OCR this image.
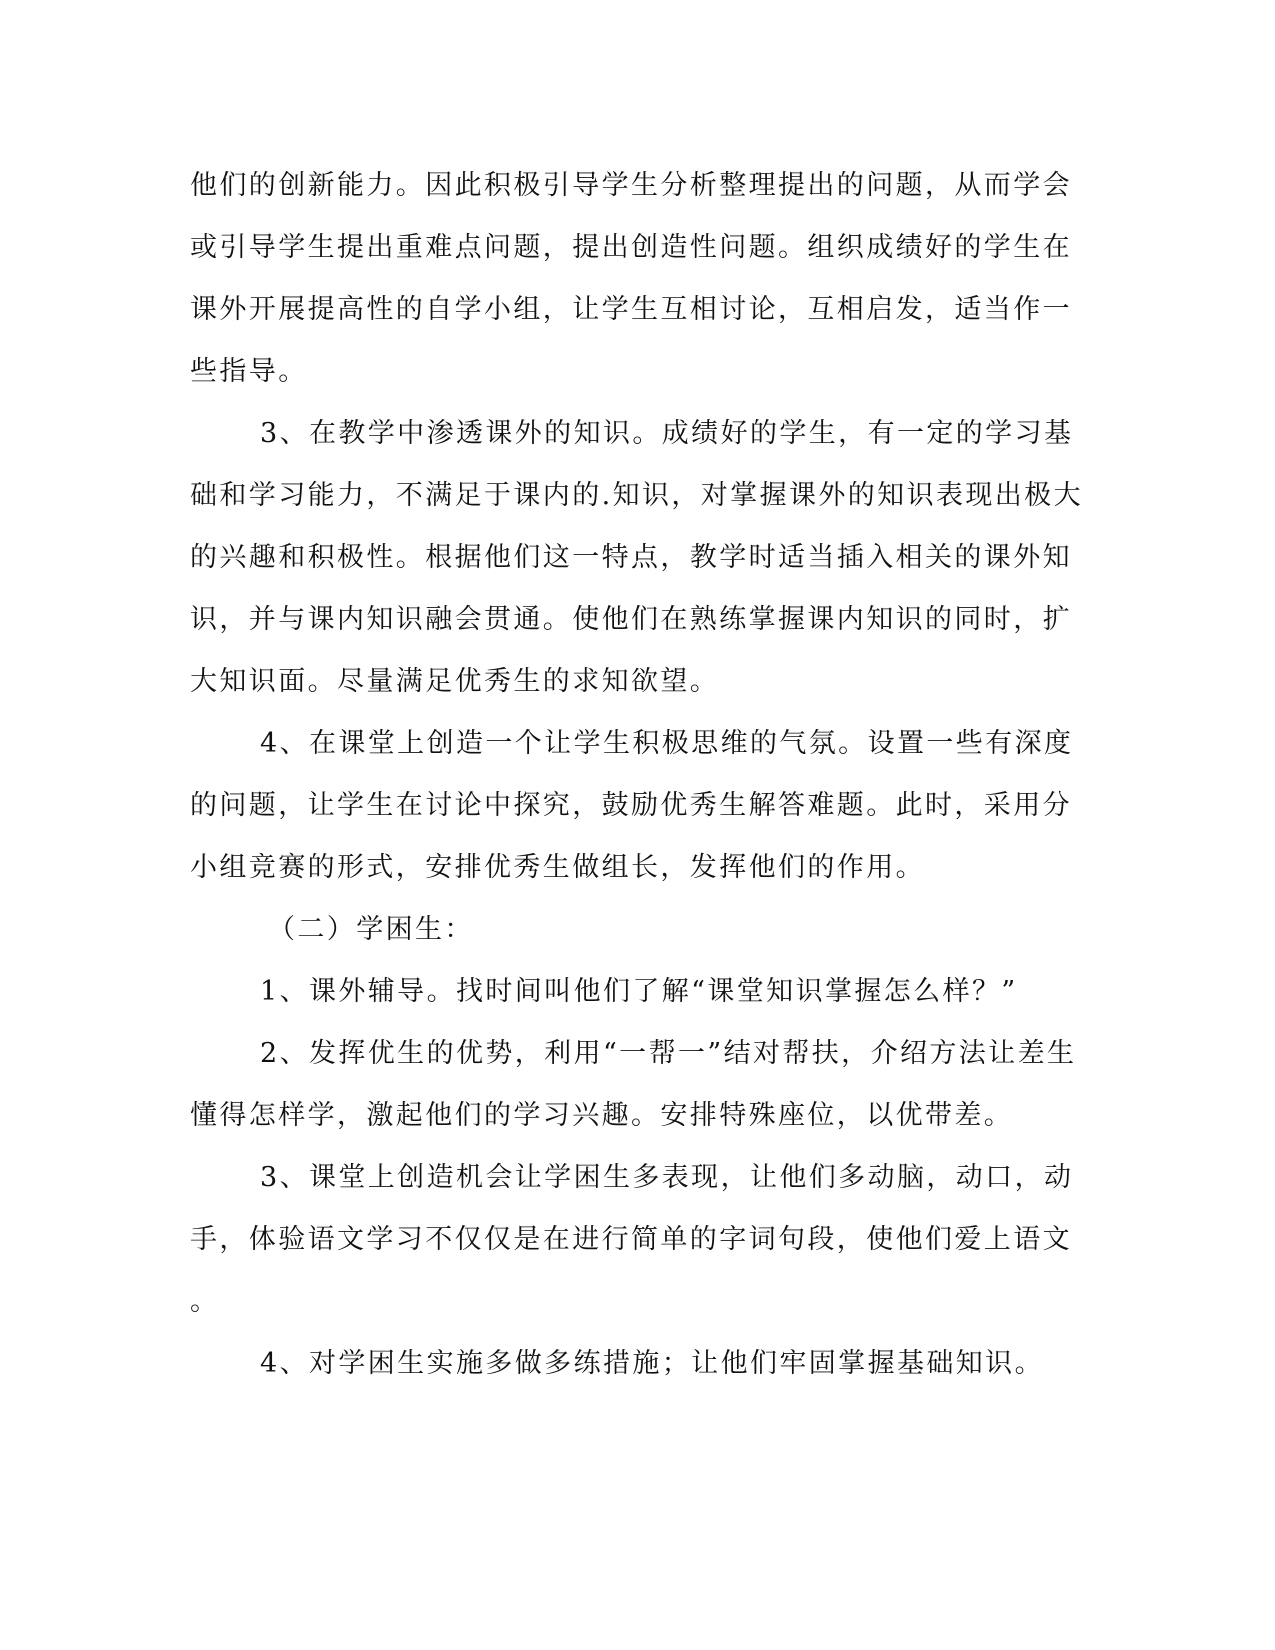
他们的创新能力。因此积极引导学生分析整理提出的问题，从而学会
或引导学生提出重难点问题，提出创造性问题。组织成绩好的学生在
课外开展提高性的自学小组，让学生互相讨论，互相启发，适当作一
些指导。
3、在教学中渗透课外的知识。成绩好的学生，有一定的学习基
础和学习能力，不满足于课内的.知识，对掌握课外的知识表现出极大
的兴趣和积极性。根据他们这一特点，教学时适当插入相关的课外知
识，并与课内知识融会贯通。使他们在熟练掌握课内知识的同时，扩
大知识面。尽量满足优秀生的求知欲望。
4、在课堂上创造一个让学生积极思维的气氛。设置一些有深度
的问题，让学生在讨论中探究，鼓励优秀生解答难题。此时，采用分
小组竞赛的形式，安排优秀生做组长，发挥他们的作用。
（二）学困生：
1、课外辅导。找时间叫他们了解“课堂知识掌握怎么样？”
2、发挥优生的优势，利用“一帮一”结对帮扶，介绍方法让差生
懂得怎样学，激起他们的学习兴趣。安排特殊座位，以优带差。
3、课堂上创造机会让学困生多表现，让他们多动脑，动口，动
手，体验语文学习不仅仅是在进行简单的字词句段，使他们爱上语文
。
4、对学困生实施多做多练措施；让他们牢固掌握基础知识。
